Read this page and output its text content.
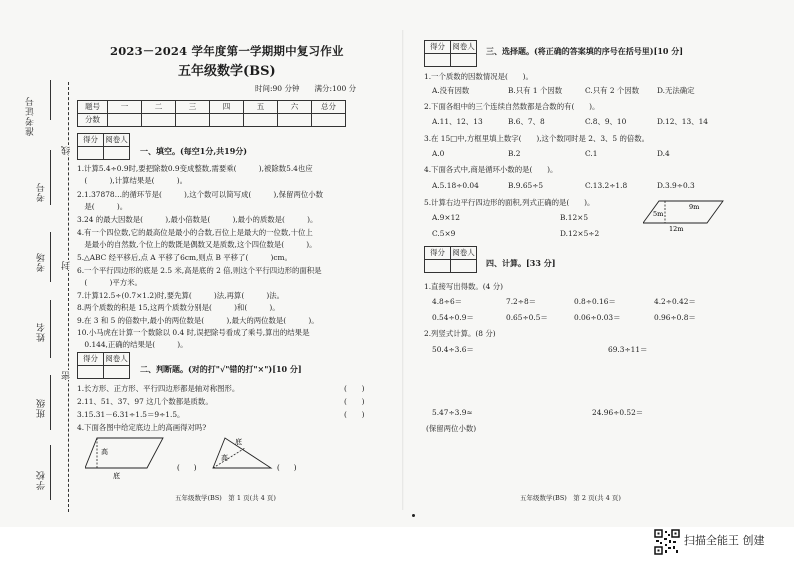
准考证号
考号
考场
姓名
班级
学校
线
封
密
2023－2024 学年度第一学期期中复习作业
五年级数学(BS)
时间:90 分钟　　满分:100 分
题号	一	二	三	四	五	六	总分
分数							
得分	阅卷人

一、填空。(每空1分,共19分)
1.计算5.4÷0.9时,要把除数0.9变成整数,需要乘(　　　),被除数5.4也应
　(　　　),计算结果是(　　　)。
2.1.37878…的循环节是(　　　),这个数可以简写成(　　　),保留两位小数
　是(　　　)。
3.24 的最大因数是(　　　),最小倍数是(　　　),最小的质数是(　　　)。
4.有一个四位数,它的最高位是最小的合数,百位上是最大的一位数,十位上
　是最小的自然数,个位上的数既是偶数又是质数,这个四位数是(　　　)。
5.△ABC 经平移后,点 A 平移了6cm,则点 B 平移了(　　　)cm。
6.一个平行四边形的底是 2.5 米,高是底的 2 倍,则这个平行四边形的面积是
　(　　　)平方米。
7.计算12.5÷(0.7×1.2)时,要先算(　　　)法,再算(　　　)法。
8.两个质数的积是 15,这两个质数分别是(　　　)和(　　　)。
9.在 3 和 5 的倍数中,最小的两位数是(　　　),最大的两位数是(　　　)。
10.小马虎在计算一个数除以 0.4 时,误把除号看成了乘号,算出的结果是
　0.144,正确的结果是(　　　)。
得分	阅卷人

二、判断题。(对的打"√"错的打"×")[10 分]
1.长方形、正方形、平行四边形都是轴对称图形。	(　　)
2.11、51、37、97 这几个数都是质数。	(　　)
3.15.31－6.31÷1.5＝9÷1.5。	(　　)
4.下面各图中给定底边上的高画得对吗?
高
底
(　　)
底
高
(　　)
五年级数学(BS)　第 1 页(共 4 页)
得分	阅卷人
	三、选择题。(将正确的答案填的序号在括号里)[10 分]
1.一个质数的因数情况是(　　)。
A.没有因数	B.只有 1 个因数	C.只有 2 个因数 D.无法确定
2.下面各组中的三个连续自然数都是合数的有(　　)。
A.11、12、13	B.6、7、8	C.8、9、10	D.12、13、14
3.在 15□中,方框里填上数字(　　),这个数同时是 2、3、5 的倍数。
A.0	B.2	C.1	D.4
4.下面各式中,商是循环小数的是(　　)。
A.5.18÷0.04	B.9.65÷5	C.13.2÷1.8	D.3.9÷0.3
5.计算右边平行四边形的面积,列式正确的是(　　)。
A.9×12	B.12×5
C.5×9	D.12×5÷2
9m
5m
12m
得分	阅卷人

四、计算。[33 分]
1.直接写出得数。(4 分)
4.8÷6＝	7.2÷8＝	0.8÷0.16＝	4.2÷0.42＝
0.54÷0.9＝	0.65÷0.5＝	0.06÷0.03＝	0.96÷0.8＝
2.列竖式计算。(8 分)
50.4÷3.6＝	69.3÷11＝
5.47÷3.9≈	24.96÷0.52＝
(保留两位小数)
五年级数学(BS)　第 2 页(共 4 页)
扫描全能王 创建
